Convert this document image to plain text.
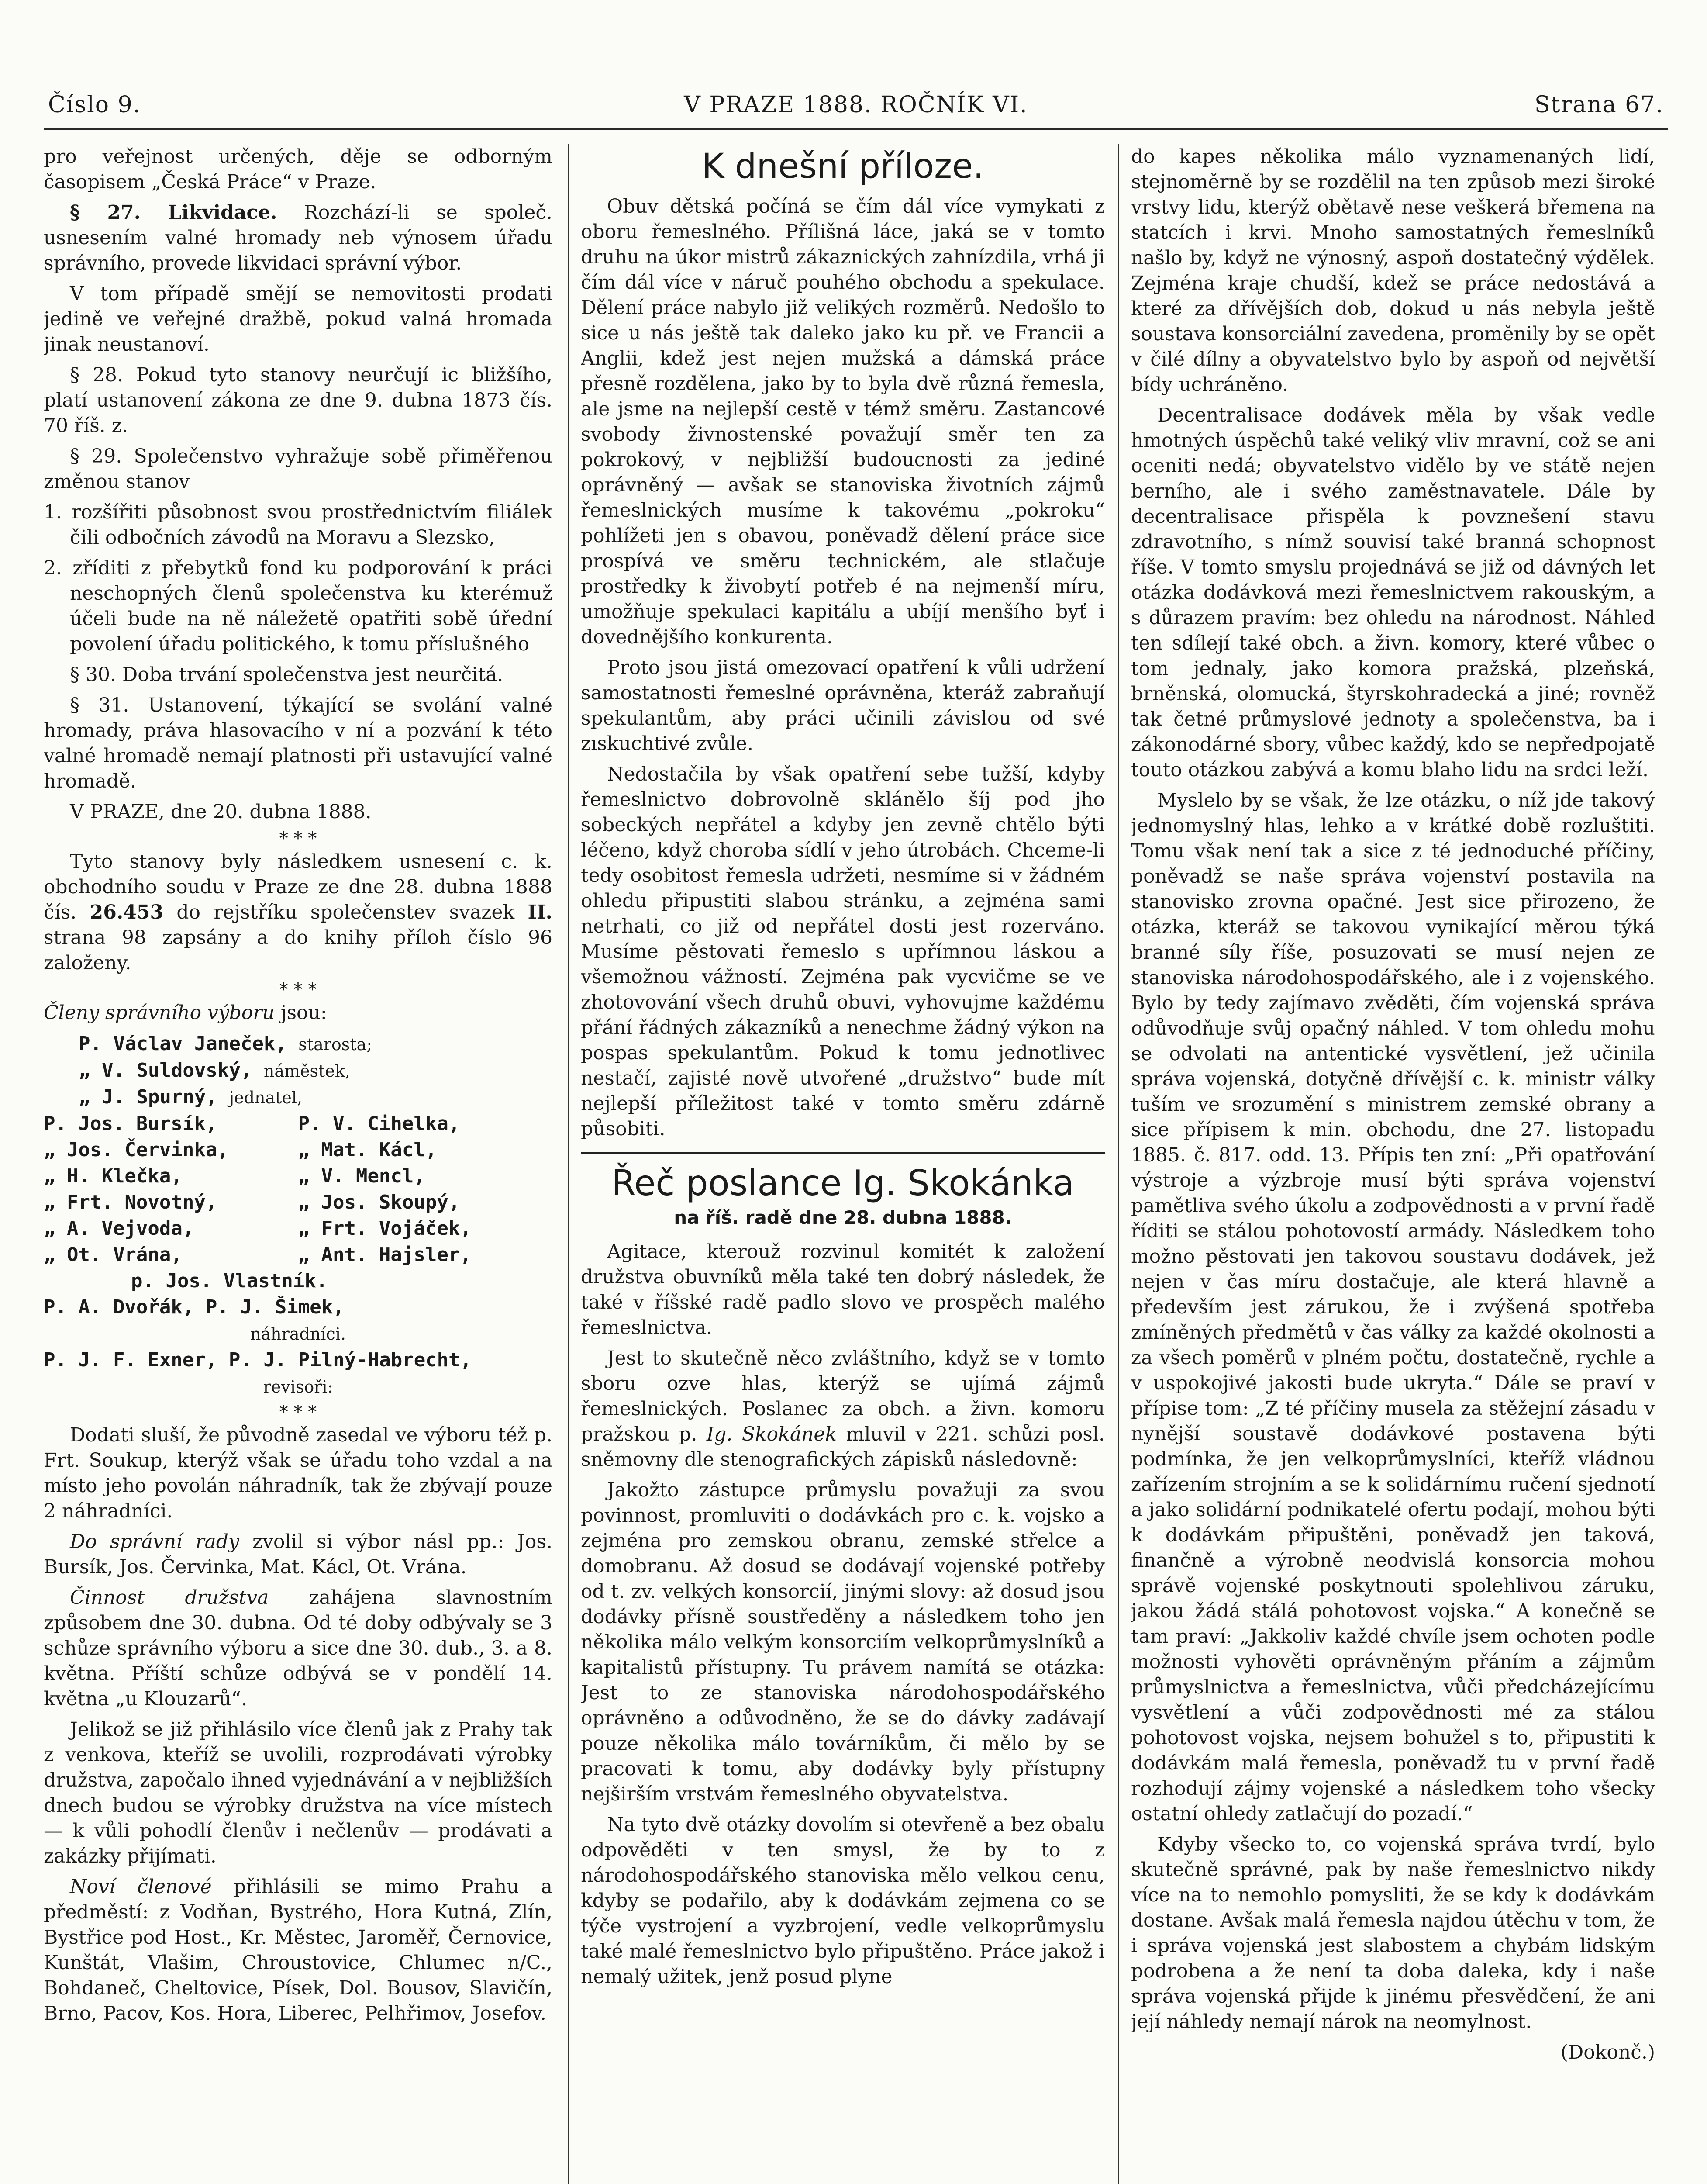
Číslo 9.	V PRAZE 1888. ROČNÍK VI.	Strana 67.

pro veřejnost určených, děje se odborným časopisem „Česká Práce“ v Praze.

§ 27. Likvidace. Rozchází-li se společ. usnesením valné hromady neb výnosem úřadu správního, provede likvidaci správní výbor.

V tom případě smějí se nemovitosti prodati jedině ve veřejné dražbě, pokud valná hromada jinak neustanoví.

§ 28. Pokud tyto stanovy neurčují ic bližšího, platí ustanovení zákona ze dne 9. dubna 1873 čís. 70 říš. z.

§ 29. Společenstvo vyhražuje sobě přiměřenou změnou stanov

1. rozšířiti působnost svou prostřednictvím filiálek čili odbočních závodů na Moravu a Slezsko,

2. zříditi z přebytků fond ku podporování k práci neschopných členů společenstva ku kterémuž účeli bude na ně náležetě opatřiti sobě úřední povolení úřadu politického, k tomu příslušného

§ 30. Doba trvání společenstva jest neurčitá.

§ 31. Ustanovení, týkající se svolání valné hromady, práva hlasovacího v ní a pozvání k této valné hromadě nemají platnosti při ustavující valné hromadě.

V PRAZE, dne 20. dubna 1888.

* * *

Tyto stanovy byly následkem usnesení c. k. obchodního soudu v Praze ze dne 28. dubna 1888 čís. 26.453 do rejstříku společenstev svazek II. strana 98 zapsány a do knihy příloh číslo 96 založeny.

* * *

Členy správního výboru jsou:

P. Václav Janeček, starosta;

„ V. Suldovský, náměstek,

„ J. Spurný, jednatel,

P. Jos. Bursík,	P. V. Cihelka,
„ Jos. Červinka,	„ Mat. Kácl,
„ H. Klečka,	„ V. Mencl,
„ Frt. Novotný,	„ Jos. Skoupý,
„ A. Vejvoda,	„ Frt. Vojáček,
„ Ot. Vrána,	„ Ant. Hajsler,

p. Jos. Vlastník.

P. A. Dvořák, P. J. Šimek,

náhradníci.

P. J. F. Exner, P. J. Pilný-Habrecht,

revisoři:

* * *

Dodati sluší, že původně zasedal ve výboru též p. Frt. Soukup, kterýž však se úřadu toho vzdal a na místo jeho povolán náhradník, tak že zbývají pouze 2 náhradníci.

Do správní rady zvolil si výbor násl pp.: Jos. Bursík, Jos. Červinka, Mat. Kácl, Ot. Vrána.

Činnost družstva zahájena slavnostním způsobem dne 30. dubna. Od té doby odbývaly se 3 schůze správního výboru a sice dne 30. dub., 3. a 8. května. Příští schůze odbývá se v pondělí 14. května „u Klouzarů“.

Jelikož se již přihlásilo více členů jak z Prahy tak z venkova, kteříž se uvolili, rozprodávati výrobky družstva, započalo ihned vyjednávání a v nejbližších dnech budou se výrobky družstva na více místech — k vůli pohodlí členův i nečlenův — prodávati a zakázky přijímati.

Noví členové přihlásili se mimo Prahu a předměstí: z Vodňan, Bystrého, Hora Kutná, Zlín, Bystřice pod Host., Kr. Městec, Jaroměř, Černovice, Kunštát, Vlašim, Chroustovice, Chlumec n/C., Bohdaneč, Cheltovice, Písek, Dol. Bousov, Slavičín, Brno, Pacov, Kos. Hora, Liberec, Pelhřimov, Josefov.

K dnešní příloze.

Obuv dětská počíná se čím dál více vymykati z oboru řemeslného. Přílišná láce, jaká se v tomto druhu na úkor mistrů zákaznických zahnízdila, vrhá ji čím dál více v náruč pouhého obchodu a spekulace. Dělení práce nabylo již velikých rozměrů. Nedošlo to sice u nás ještě tak daleko jako ku př. ve Francii a Anglii, kdež jest nejen mužská a dámská práce přesně rozdělena, jako by to byla dvě různá řemesla, ale jsme na nejlepší cestě v témž směru. Zastancové svobody živnostenské považují směr ten za pokrokový, v nejbližší budoucnosti za jediné oprávněný — avšak se stanoviska životních zájmů řemeslnických musíme k takovému „pokroku“ pohlížeti jen s obavou, poněvadž dělení práce sice prospívá ve směru technickém, ale stlačuje prostředky k živobytí potřeb é na nejmenší míru, umožňuje spekulaci kapitálu a ubíjí menšího byť i dovednějšího konkurenta.

Proto jsou jistá omezovací opatření k vůli udržení samostatnosti řemeslné oprávněna, kteráž zabraňují spekulantům, aby práci učinili závislou od své zıskuchtivé zvůle.

Nedostačila by však opatření sebe tužší, kdyby řemeslnictvo dobrovolně sklánělo šíj pod jho sobeckých nepřátel a kdyby jen zevně chtělo býti léčeno, když choroba sídlí v jeho útrobách. Chceme-li tedy osobitost řemesla udržeti, nesmíme si v žádném ohledu připustiti slabou stránku, a zejména sami netrhati, co již od nepřátel dosti jest rozerváno. Musíme pěstovati řemeslo s upřímnou láskou a všemožnou vážností. Zejména pak vycvičme se ve zhotovování všech druhů obuvi, vyhovujme každému přání řádných zákazníků a nenechme žádný výkon na pospas spekulantům. Pokud k tomu jednotlivec nestačí, zajisté nově utvořené „družstvo“ bude mít nejlepší příležitost také v tomto směru zdárně působiti.

Řeč poslance Ig. Skokánka

na říš. radě dne 28. dubna 1888.

Agitace, kterouž rozvinul komitét k založení družstva obuvníků měla také ten dobrý následek, že také v říšské radě padlo slovo ve prospěch malého řemeslnictva.

Jest to skutečně něco zvláštního, když se v tomto sboru ozve hlas, kterýž se ujímá zájmů řemeslnických. Poslanec za obch. a živn. komoru pražskou p. Ig. Skokánek mluvil v 221. schůzi posl. sněmovny dle stenografických zápisků následovně:

Jakožto zástupce průmyslu považuji za svou povinnost, promluviti o dodávkách pro c. k. vojsko a zejména pro zemskou obranu, zemské střelce a domobranu. Až dosud se dodávají vojenské potřeby od t. zv. velkých konsorcií, jinými slovy: až dosud jsou dodávky přísně soustředěny a následkem toho jen několika málo velkým konsorciím velkoprůmyslníků a kapitalistů přístupny. Tu právem namítá se otázka: Jest to ze stanoviska národohospodářského oprávněno a odůvodněno, že se do dávky zadávají pouze několika málo továrníkům, či mělo by se pracovati k tomu, aby dodávky byly přístupny nejširším vrstvám řemeslného obyvatelstva.

Na tyto dvě otázky dovolím si otevřeně a bez obalu odpověděti v ten smysl, že by to z národohospodářského stanoviska mělo velkou cenu, kdyby se podařilo, aby k dodávkám zejmena co se týče vystrojení a vyzbrojení, vedle velkoprůmyslu také malé řemeslnictvo bylo připuštěno. Práce jakož i nemalý užitek, jenž posud plyne

do kapes několika málo vyznamenaných lidí, stejnoměrně by se rozdělil na ten způsob mezi široké vrstvy lidu, kterýž obětavě nese veškerá břemena na statcích i krvi. Mnoho samostatných řemeslníků našlo by, když ne výnosný, aspoň dostatečný výdělek. Zejména kraje chudší, kdež se práce nedostává a které za dřívějších dob, dokud u nás nebyla ještě soustava konsorciální zavedena, proměnily by se opět v čilé dílny a obyvatelstvo bylo by aspoň od největší bídy uchráněno.

Decentralisace dodávek měla by však vedle hmotných úspěchů také veliký vliv mravní, což se ani oceniti nedá; obyvatelstvo vidělo by ve státě nejen berního, ale i svého zaměstnavatele. Dále by decentralisace přispěla k povznešení stavu zdravotního, s nímž souvisí také branná schopnost říše. V tomto smyslu projednává se již od dávných let otázka dodávková mezi řemeslnictvem rakouským, a s důrazem pravím: bez ohledu na národnost. Náhled ten sdílejí také obch. a živn. komory, které vůbec o tom jednaly, jako komora pražská, plzeňská, brněnská, olomucká, štyrskohradecká a jiné; rovněž tak četné průmyslové jednoty a společenstva, ba i zákonodárné sbory, vůbec každý, kdo se nepředpojatě touto otázkou zabývá a komu blaho lidu na srdci leží.

Myslelo by se však, že lze otázku, o níž jde takový jednomyslný hlas, lehko a v krátké době rozluštiti. Tomu však není tak a sice z té jednoduché příčiny, poněvadž se naše správa vojenství postavila na stanovisko zrovna opačné. Jest sice přirozeno, že otázka, kteráž se takovou vynikající měrou týká branné síly říše, posuzovati se musí nejen ze stanoviska národohospodářského, ale i z vojenského. Bylo by tedy zajímavo zvěděti, čím vojenská správa odůvodňuje svůj opačný náhled. V tom ohledu mohu se odvolati na antentické vysvětlení, jež učinila správa vojenská, dotyčně dřívější c. k. ministr války tuším ve srozumění s ministrem zemské obrany a sice přípisem k min. obchodu, dne 27. listopadu 1885. č. 817. odd. 13. Přípis ten zní: „Při opatřování výstroje a výzbroje musí býti správa vojenství pamětliva svého úkolu a zodpovědnosti a v první řadě říditi se stálou pohotovostí armády. Následkem toho možno pěstovati jen takovou soustavu dodávek, jež nejen v čas míru dostačuje, ale která hlavně a především jest zárukou, že i zvýšená spotřeba zmíněných předmětů v čas války za každé okolnosti a za všech poměrů v plném počtu, dostatečně, rychle a v uspokojivé jakosti bude ukryta.“ Dále se praví v přípise tom: „Z té příčiny musela za stěžejní zásadu v nynější soustavě dodávkové postavena býti podmínka, že jen velkoprůmyslníci, kteříž vládnou zařízením strojním a se k solidárnímu ručení sjednotí a jako solidární podnikatelé ofertu podají, mohou býti k dodávkám připuštěni, poněvadž jen taková, finančně a výrobně neodvislá konsorcia mohou správě vojenské poskytnouti spolehlivou záruku, jakou žádá stálá pohotovost vojska.“ A konečně se tam praví: „Jakkoliv každé chvíle jsem ochoten podle možnosti vyhověti oprávněným přáním a zájmům průmyslnictva a řemeslnictva, vůči předcházejícímu vysvětlení a vůči zodpovědnosti mé za stálou pohotovost vojska, nejsem bohužel s to, připustiti k dodávkám malá řemesla, poněvadž tu v první řadě rozhodují zájmy vojenské a následkem toho všecky ostatní ohledy zatlačují do pozadí.“

Kdyby všecko to, co vojenská správa tvrdí, bylo skutečně správné, pak by naše řemeslnictvo nikdy více na to nemohlo pomysliti, že se kdy k dodávkám dostane. Avšak malá řemesla najdou útěchu v tom, že i správa vojenská jest slabostem a chybám lidským podrobena a že není ta doba daleka, kdy i naše správa vojenská přijde k jinému přesvědčení, že ani její náhledy nemají nárok na neomylnost.

(Dokonč.)
